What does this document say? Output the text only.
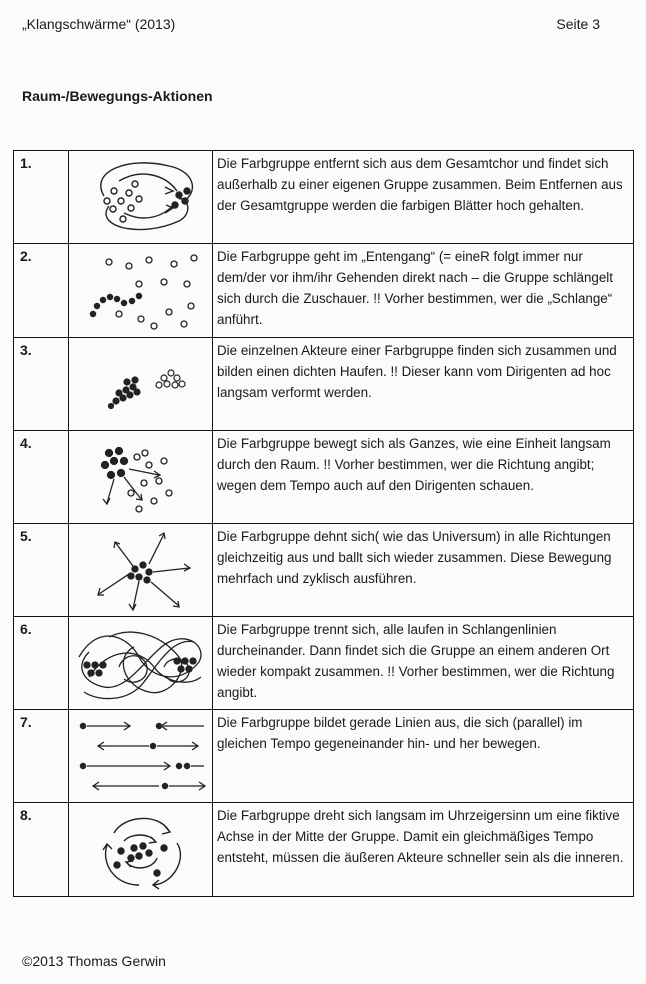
„Klangschwärme“ (2013)	Seite 3
Raum-/Bewegungs-Aktionen
1.		Die Farbgruppe entfernt sich aus dem Gesamtchor und findet sich außerhalb zu einer eigenen Gruppe zusammen. Beim Entfernen aus der Gesamtgruppe werden die farbigen Blätter hoch gehalten.
2.		Die Farbgruppe geht im „Entengang“ (= eineR folgt immer nur dem/der vor ihm/ihr Gehenden direkt nach – die Gruppe schlängelt sich durch die Zuschauer. !! Vorher bestimmen, wer die „Schlange“ anführt.
3.		Die einzelnen Akteure einer Farbgruppe finden sich zusammen und bilden einen dichten Haufen. !! Dieser kann vom Dirigenten ad hoc langsam verformt werden.
4.		Die Farbgruppe bewegt sich als Ganzes, wie eine Einheit langsam durch den Raum. !! Vorher bestimmen, wer die Richtung angibt; wegen dem Tempo auch auf den Dirigenten schauen.
5.		Die Farbgruppe dehnt sich( wie das Universum) in alle Richtungen gleichzeitig aus und ballt sich wieder zusammen. Diese Bewegung mehrfach und zyklisch ausführen.
6.		Die Farbgruppe trennt sich, alle laufen in Schlangenlinien durcheinander. Dann findet sich die Gruppe an einem anderen Ort wieder kompakt zusammen. !! Vorher bestimmen, wer die Richtung angibt.
7.		Die Farbgruppe bildet gerade Linien aus, die sich (parallel) im gleichen Tempo gegeneinander hin- und her bewegen.
8.		Die Farbgruppe dreht sich langsam im Uhrzeigersinn um eine fiktive Achse in der Mitte der Gruppe. Damit ein gleichmäßiges Tempo entsteht, müssen die äußeren Akteure schneller sein als die inneren.
©2013 Thomas Gerwin
